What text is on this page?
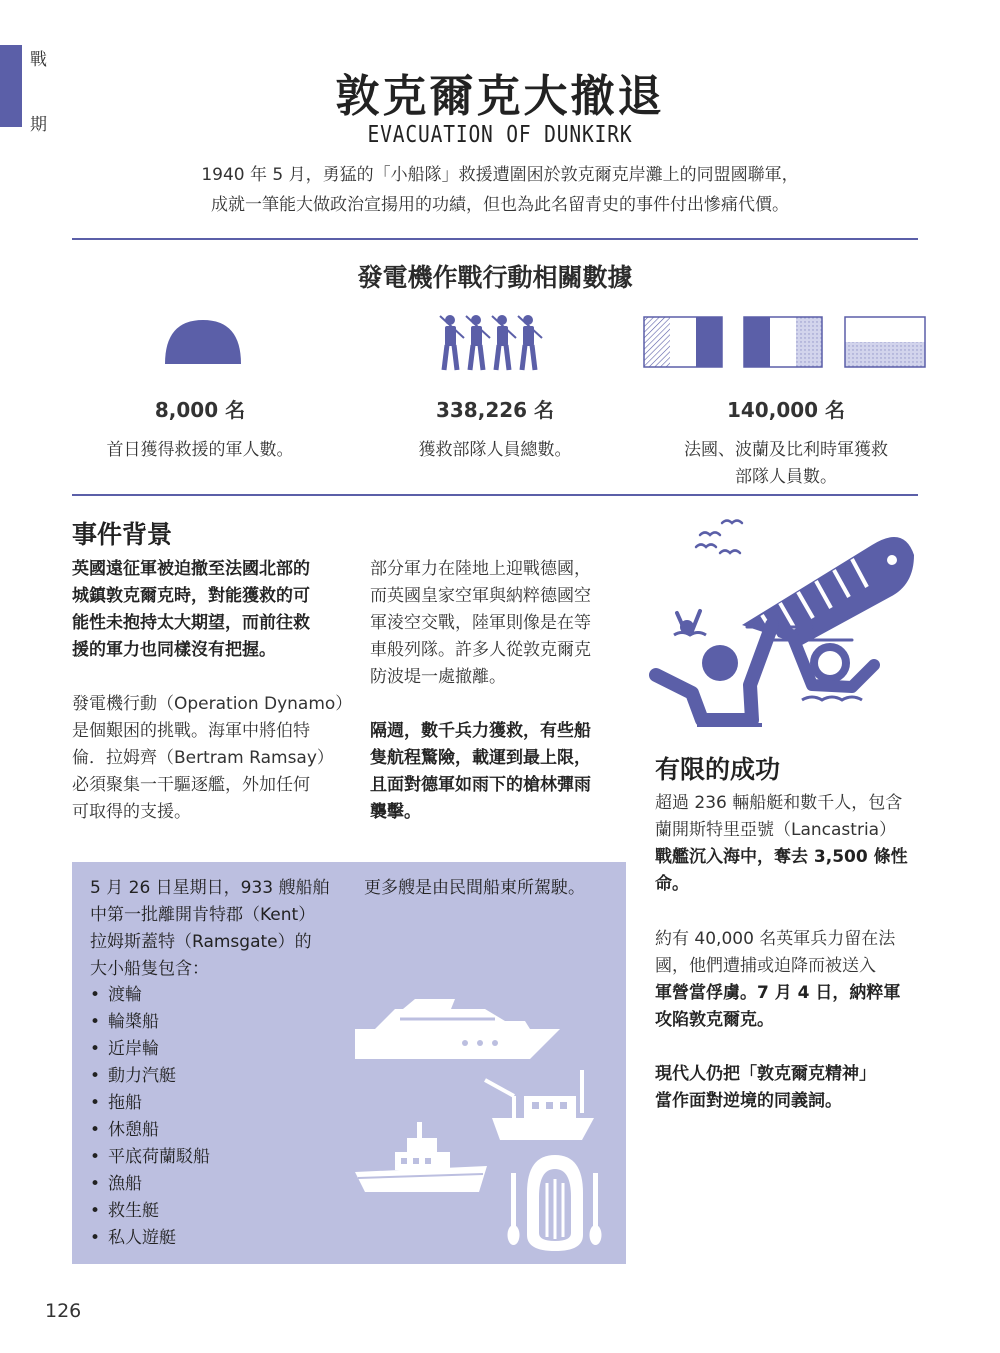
戰
期
敦克爾克大撤退
EVACUATION OF DUNKIRK
1940 年 5 月，勇猛的「小船隊」救援遭圍困於敦克爾克岸灘上的同盟國聯軍，
成就一筆能大做政治宣揚用的功績，但也為此名留青史的事件付出慘痛代價。
發電機作戰行動相關數據
8,000 名
首日獲得救援的軍人數。
338,226 名
獲救部隊人員總數。
140,000 名
法國、波蘭及比利時軍獲救
部隊人員數。
事件背景
英國遠征軍被迫撤至法國北部的
城鎮敦克爾克時，對能獲救的可
能性未抱持太大期望，而前往救
援的軍力也同樣沒有把握。
發電機行動（Operation Dynamo）
是個艱困的挑戰。海軍中將伯特
倫．拉姆齊（Bertram Ramsay）
必須聚集一干驅逐艦，外加任何
可取得的支援。
部分軍力在陸地上迎戰德國，
而英國皇家空軍與納粹德國空
軍淩空交戰，陸軍則像是在等
車般列隊。許多人從敦克爾克
防波堤一處撤離。
隔週，數千兵力獲救，有些船
隻航程驚險，載運到最上限，
且面對德軍如雨下的槍林彈雨
襲擊。
有限的成功
超過 236 輛船艇和數千人，包含
蘭開斯特里亞號（Lancastria）
戰艦沉入海中，奪去 3,500 條性
命。
約有 40,000 名英軍兵力留在法
國，他們遭捕或迫降而被送入
軍營當俘虜。7 月 4 日，納粹軍
攻陷敦克爾克。
現代人仍把「敦克爾克精神」
當作面對逆境的同義詞。
5 月 26 日星期日，933 艘船舶
中第一批離開肯特郡（Kent）
拉姆斯蓋特（Ramsgate）的
大小船隻包含：
更多艘是由民間船東所駕駛。
• 渡輪
• 輪槳船
• 近岸輪
• 動力汽艇
• 拖船
• 休憩船
• 平底荷蘭駁船
• 漁船
• 救生艇
• 私人遊艇
126
